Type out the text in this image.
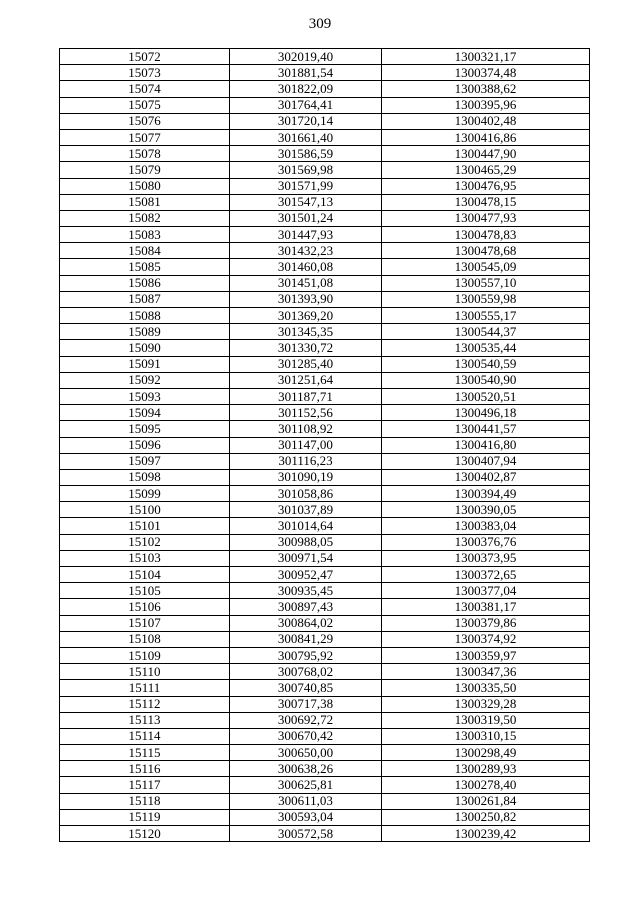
309
15072	302019,40	1300321,17
15073	301881,54	1300374,48
15074	301822,09	1300388,62
15075	301764,41	1300395,96
15076	301720,14	1300402,48
15077	301661,40	1300416,86
15078	301586,59	1300447,90
15079	301569,98	1300465,29
15080	301571,99	1300476,95
15081	301547,13	1300478,15
15082	301501,24	1300477,93
15083	301447,93	1300478,83
15084	301432,23	1300478,68
15085	301460,08	1300545,09
15086	301451,08	1300557,10
15087	301393,90	1300559,98
15088	301369,20	1300555,17
15089	301345,35	1300544,37
15090	301330,72	1300535,44
15091	301285,40	1300540,59
15092	301251,64	1300540,90
15093	301187,71	1300520,51
15094	301152,56	1300496,18
15095	301108,92	1300441,57
15096	301147,00	1300416,80
15097	301116,23	1300407,94
15098	301090,19	1300402,87
15099	301058,86	1300394,49
15100	301037,89	1300390,05
15101	301014,64	1300383,04
15102	300988,05	1300376,76
15103	300971,54	1300373,95
15104	300952,47	1300372,65
15105	300935,45	1300377,04
15106	300897,43	1300381,17
15107	300864,02	1300379,86
15108	300841,29	1300374,92
15109	300795,92	1300359,97
15110	300768,02	1300347,36
15111	300740,85	1300335,50
15112	300717,38	1300329,28
15113	300692,72	1300319,50
15114	300670,42	1300310,15
15115	300650,00	1300298,49
15116	300638,26	1300289,93
15117	300625,81	1300278,40
15118	300611,03	1300261,84
15119	300593,04	1300250,82
15120	300572,58	1300239,42
